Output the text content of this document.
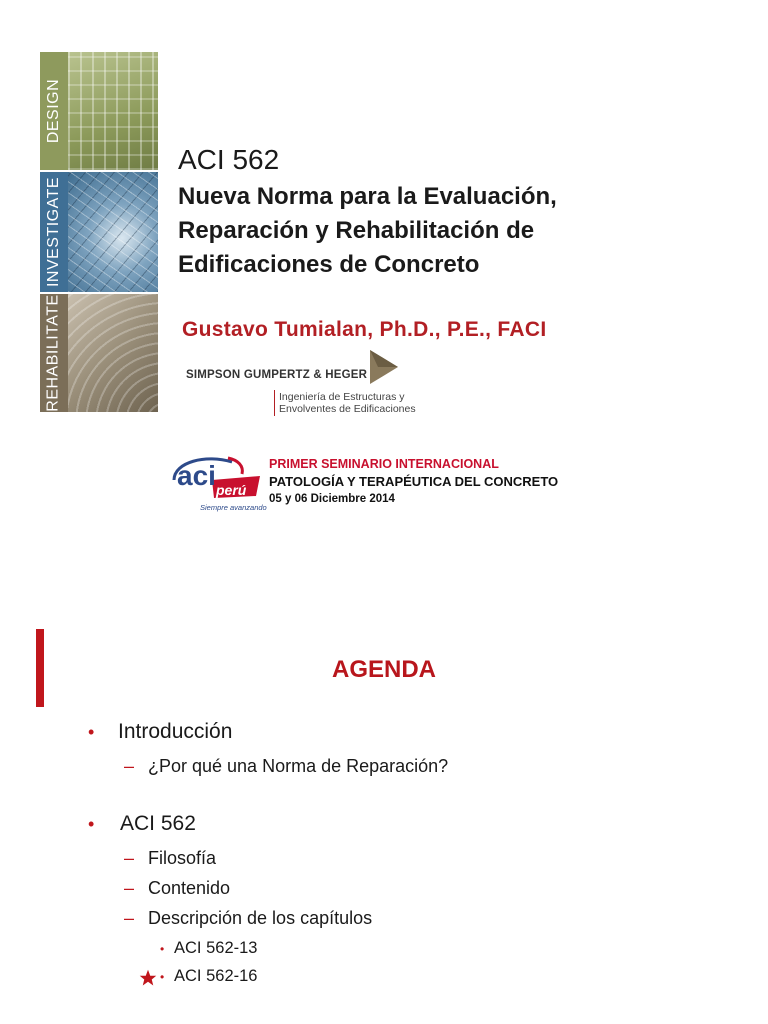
DESIGN
INVESTIGATE
REHABILITATE
ACI 562
Nueva Norma para la Evaluación,
Reparación y Rehabilitación de
Edificaciones de Concreto
Gustavo Tumialan, Ph.D., P.E., FACI
SIMPSON GUMPERTZ & HEGER
Ingeniería de Estructuras y
Envolventes de Edificaciones
aci perú
Siempre avanzando
PRIMER SEMINARIO INTERNACIONAL
PATOLOGÍA Y TERAPÉUTICA DEL CONCRETO
05 y 06 Diciembre 2014
AGENDA
• Introducción
– ¿Por qué una Norma de Reparación?
• ACI 562
– Filosofía
– Contenido
– Descripción de los capítulos
• ACI 562-13
• ACI 562-16
